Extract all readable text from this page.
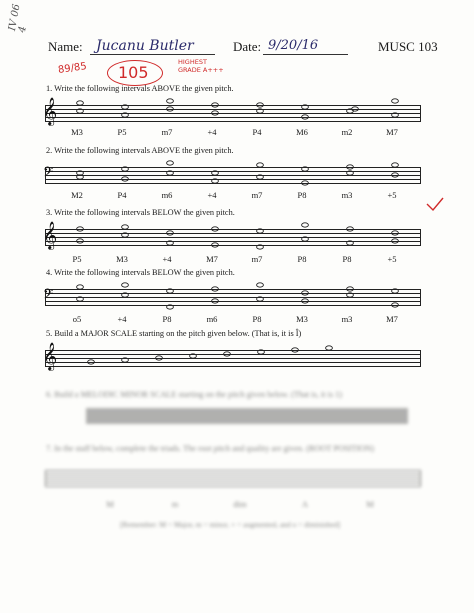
IV 06
4
Name: Jucanu Butler	Date: 9/20/16	MUSC 103
89/85 105
HIGHEST
GRADE A+++
1. Write the following intervals ABOVE the given pitch.
𝄞
M3	P5	m7	+4	P4	M6	m2	M7
2. Write the following intervals ABOVE the given pitch.
𝄢
M2	P4	m6	+4	m7	P8	m3	+5
3. Write the following intervals BELOW the given pitch.
𝄞
P5	M3	+4	M7	m7	P8	P8	+5
4. Write the following intervals BELOW the given pitch.
𝄢
o5	+4	P8	m6	P8	M3	m3	M7
5. Build a MAJOR SCALE starting on the pitch given below. (That is, it is Î)
𝄞
6. Build a MELODIC MINOR SCALE starting on the pitch given below. (That is, it is 1)
7. In the staff below, complete the triads. The root pitch and quality are given. (ROOT POSITION)
M	m	dim	A	M
[Remember: M = Major, m = minor, + = augmented, and o = diminished]
